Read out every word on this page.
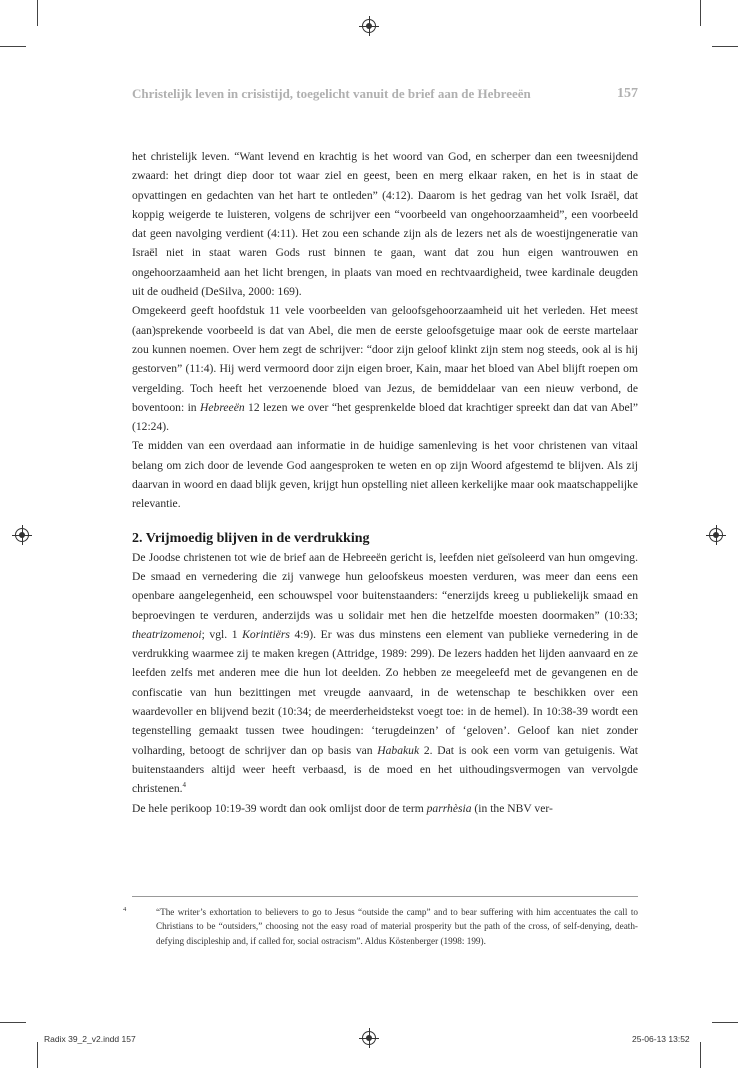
Christelijk leven in crisistijd, toegelicht vanuit de brief aan de Hebreeën	157

het christelijk leven. “Want levend en krachtig is het woord van God, en scherper dan een tweesnijdend zwaard: het dringt diep door tot waar ziel en geest, been en merg elkaar raken, en het is in staat de opvattingen en gedachten van het hart te ontleden” (4:12). Daarom is het gedrag van het volk Israël, dat koppig weigerde te luisteren, volgens de schrijver een “voorbeeld van ongehoorzaamheid”, een voorbeeld dat geen navolging verdient (4:11). Het zou een schande zijn als de lezers net als de woestijngeneratie van Israël niet in staat waren Gods rust binnen te gaan, want dat zou hun eigen wantrouwen en ongehoorzaamheid aan het licht brengen, in plaats van moed en rechtvaardigheid, twee kardinale deugden uit de oudheid (DeSilva, 2000: 169).

Omgekeerd geeft hoofdstuk 11 vele voorbeelden van geloofsgehoorzaamheid uit het verleden. Het meest (aan)sprekende voorbeeld is dat van Abel, die men de eerste geloofsgetuige maar ook de eerste martelaar zou kunnen noemen. Over hem zegt de schrijver: “door zijn geloof klinkt zijn stem nog steeds, ook al is hij gestorven” (11:4). Hij werd vermoord door zijn eigen broer, Kain, maar het bloed van Abel blijft roepen om vergelding. Toch heeft het verzoenende bloed van Jezus, de bemiddelaar van een nieuw verbond, de boventoon: in Hebreeën 12 lezen we over “het gesprenkelde bloed dat krachtiger spreekt dan dat van Abel” (12:24).

Te midden van een overdaad aan informatie in de huidige samenleving is het voor christenen van vitaal belang om zich door de levende God aangesproken te weten en op zijn Woord afgestemd te blijven. Als zij daarvan in woord en daad blijk geven, krijgt hun opstelling niet alleen kerkelijke maar ook maatschappelijke relevantie.

2. Vrijmoedig blijven in de verdrukking

De Joodse christenen tot wie de brief aan de Hebreeën gericht is, leefden niet geïsoleerd van hun omgeving. De smaad en vernedering die zij vanwege hun geloofskeus moesten verduren, was meer dan eens een openbare aangelegenheid, een schouwspel voor buitenstaanders: “enerzijds kreeg u publiekelijk smaad en beproevingen te verduren, anderzijds was u solidair met hen die hetzelfde moesten doormaken” (10:33; theatrizomenoi; vgl. 1 Korintiërs 4:9). Er was dus minstens een element van publieke vernedering in de verdrukking waarmee zij te maken kregen (Attridge, 1989: 299). De lezers hadden het lijden aanvaard en ze leefden zelfs met anderen mee die hun lot deelden. Zo hebben ze meegeleefd met de gevangenen en de confiscatie van hun bezittingen met vreugde aanvaard, in de wetenschap te beschikken over een waardevoller en blijvend bezit (10:34; de meerderheidstekst voegt toe: in de hemel). In 10:38-39 wordt een tegenstelling gemaakt tussen twee houdingen: ‘terugdeinzen’ of ‘geloven’. Geloof kan niet zonder volharding, betoogt de schrijver dan op basis van Habakuk 2. Dat is ook een vorm van getuigenis. Wat buitenstaanders altijd weer heeft verbaasd, is de moed en het uithoudingsvermogen van vervolgde christenen.$^4$

De hele perikoop 10:19-39 wordt dan ook omlijst door de term parrhèsia (in the NBV ver-

4	“The writer’s exhortation to believers to go to Jesus “outside the camp” and to bear suffering with him accentuates the call to Christians to be “outsiders,” choosing not the easy road of material prosperity but the path of the cross, of self-denying, death-defying discipleship and, if called for, social ostracism”. Aldus Köstenberger (1998: 199).
Radix 39_2_v2.indd 157	25-06-13 13:52
